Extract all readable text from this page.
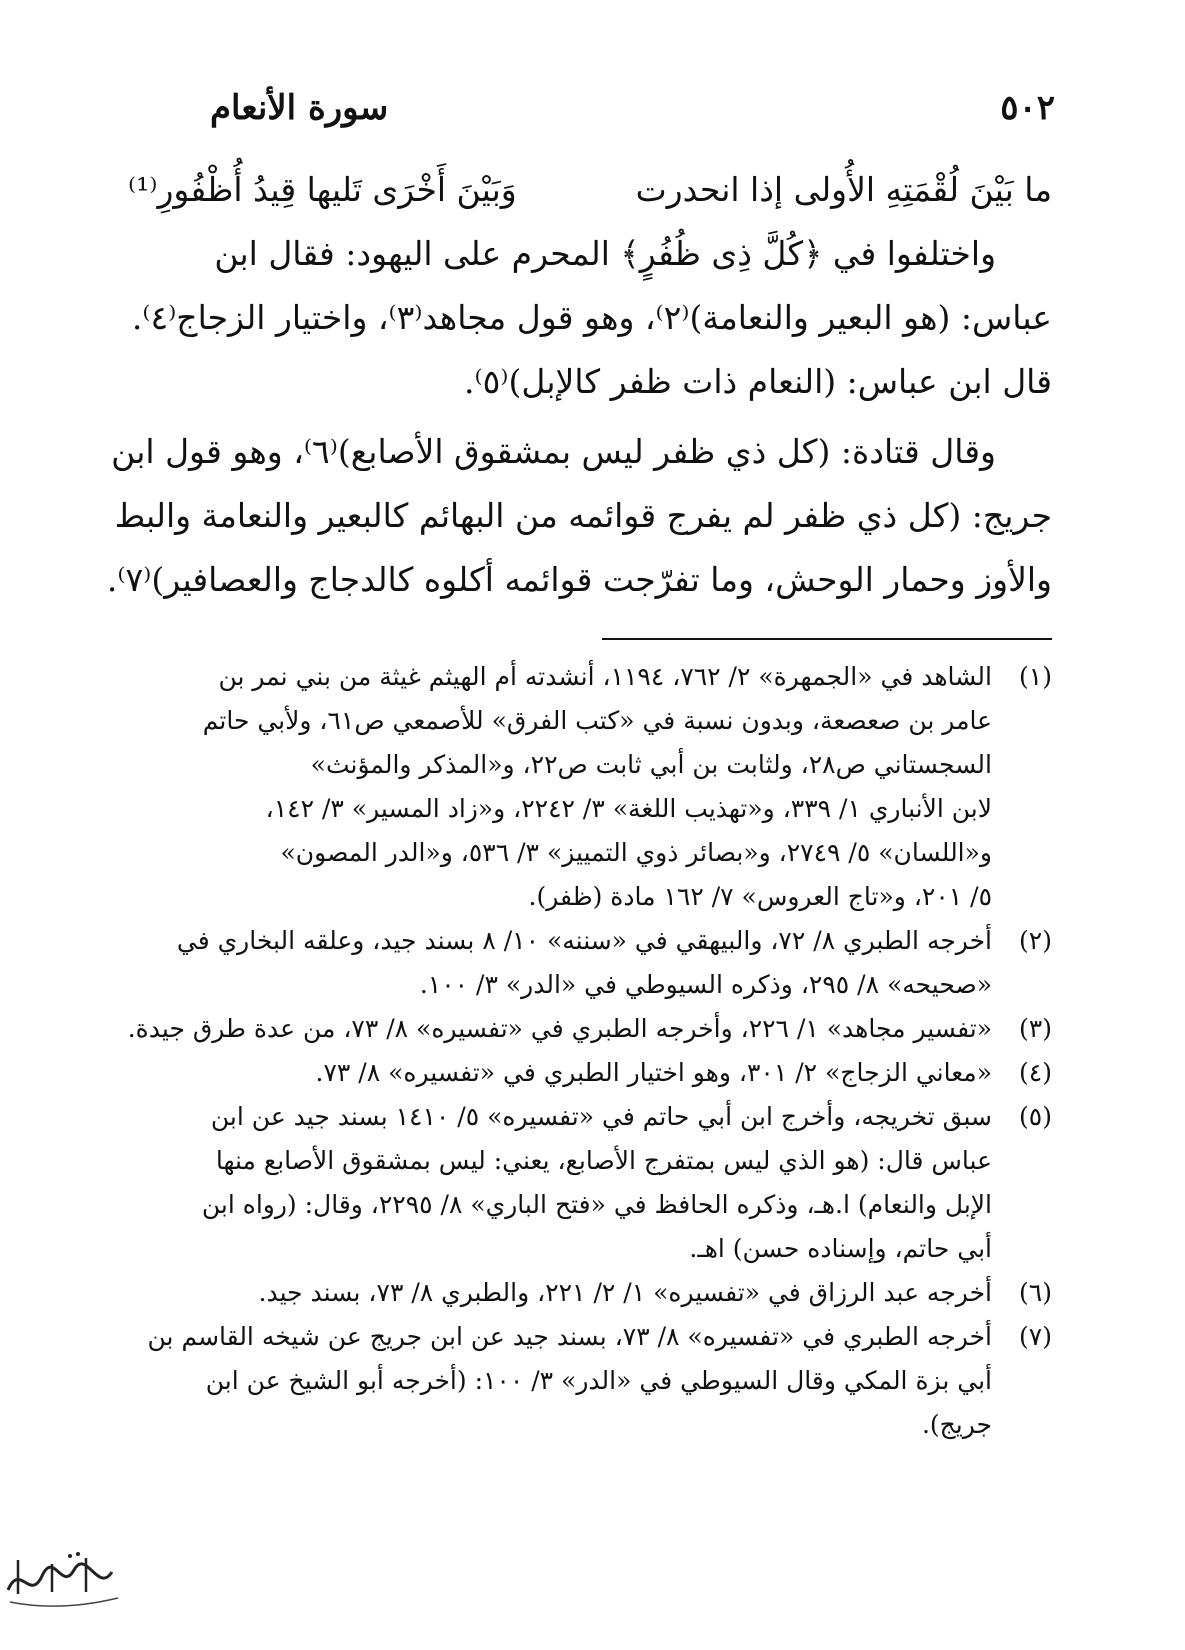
٥٠٢
سورة الأنعام
ما بَيْنَ لُقْمَتِهِ الأُولى إذا انحدرت
وَبَيْنَ أَخْرَى تَليها قِيدُ أُظْفُورِ⁽¹⁾
واختلفوا في ﴿كُلَّ ذِى ظُفُرٍ﴾ المحرم على اليهود: فقال ابن
عباس: (هو البعير والنعامة)⁽٢⁾، وهو قول مجاهد⁽٣⁾، واختيار الزجاج⁽٤⁾.
قال ابن عباس: (النعام ذات ظفر كالإبل)⁽٥⁾.
وقال قتادة: (كل ذي ظفر ليس بمشقوق الأصابع)⁽٦⁾، وهو قول ابن
جريج: (كل ذي ظفر لم يفرج قوائمه من البهائم كالبعير والنعامة والبط
والأوز وحمار الوحش، وما تفرّجت قوائمه أكلوه كالدجاج والعصافير)⁽٧⁾.
(١)
الشاهد في «الجمهرة» ٢/ ٧٦٢، ١١٩٤، أنشدته أم الهيثم غيثة من بني نمر بن
عامر بن صعصعة، وبدون نسبة في «كتب الفرق» للأصمعي ص٦١، ولأبي حاتم
السجستاني ص٢٨، ولثابت بن أبي ثابت ص٢٢، و«المذكر والمؤنث»
لابن الأنباري ١/ ٣٣٩، و«تهذيب اللغة» ٣/ ٢٢٤٢، و«زاد المسير» ٣/ ١٤٢،
و«اللسان» ٥/ ٢٧٤٩، و«بصائر ذوي التمييز» ٣/ ٥٣٦، و«الدر المصون»
٥/ ٢٠١، و«تاج العروس» ٧/ ١٦٢ مادة (ظفر).
(٢)
أخرجه الطبري ٨/ ٧٢، والبيهقي في «سننه» ١٠/ ٨ بسند جيد، وعلقه البخاري في
«صحيحه» ٨/ ٢٩٥، وذكره السيوطي في «الدر» ٣/ ١٠٠.
(٣)
«تفسير مجاهد» ١/ ٢٢٦، وأخرجه الطبري في «تفسيره» ٨/ ٧٣، من عدة طرق جيدة.
(٤)
«معاني الزجاج» ٢/ ٣٠١، وهو اختيار الطبري في «تفسيره» ٨/ ٧٣.
(٥)
سبق تخريجه، وأخرج ابن أبي حاتم في «تفسيره» ٥/ ١٤١٠ بسند جيد عن ابن
عباس قال: (هو الذي ليس بمتفرج الأصابع، يعني: ليس بمشقوق الأصابع منها
الإبل والنعام) ا.هـ، وذكره الحافظ في «فتح الباري» ٨/ ٢٢٩٥، وقال: (رواه ابن
أبي حاتم، وإسناده حسن) اهـ.
(٦)
أخرجه عبد الرزاق في «تفسيره» ١/ ٢/ ٢٢١، والطبري ٨/ ٧٣، بسند جيد.
(٧)
أخرجه الطبري في «تفسيره» ٨/ ٧٣، بسند جيد عن ابن جريج عن شيخه القاسم بن
أبي بزة المكي وقال السيوطي في «الدر» ٣/ ١٠٠: (أخرجه أبو الشيخ عن ابن
جريج).
